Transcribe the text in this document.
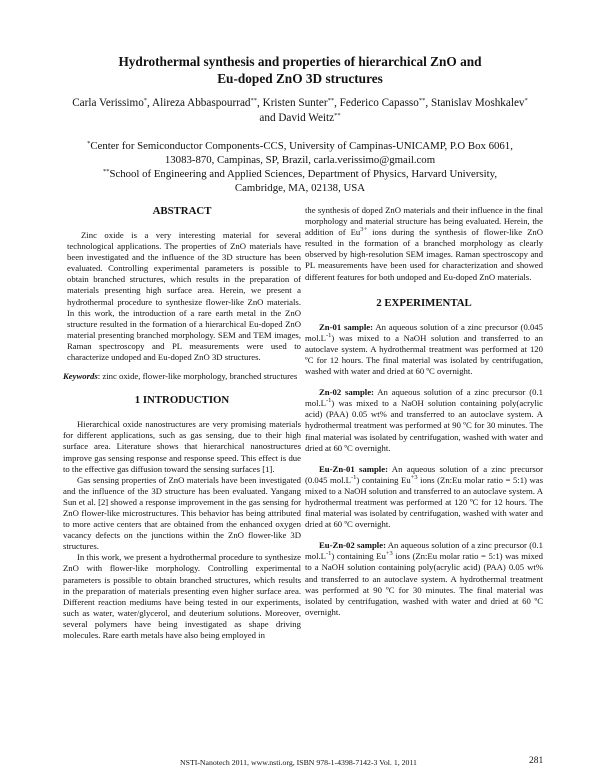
Hydrothermal synthesis and properties of hierarchical ZnO and
Eu-doped ZnO 3D structures
Carla Verissimo*, Alireza Abbaspourrad**, Kristen Sunter**, Federico Capasso**, Stanislav Moshkalev*
and David Weitz**
*Center for Semiconductor Components-CCS, University of Campinas-UNICAMP, P.O Box 6061,
13083-870, Campinas, SP, Brazil, carla.verissimo@gmail.com
**School of Engineering and Applied Sciences, Department of Physics, Harvard University,
Cambridge, MA, 02138, USA

ABSTRACT

Zinc oxide is a very interesting material for several technological applications. The properties of ZnO materials have been investigated and the influence of the 3D structure has been evaluated. Controlling experimental parameters is possible to obtain branched structures, which results in the preparation of materials presenting high surface area. Herein, we present a hydrothermal procedure to synthesize flower-like ZnO materials. In this work, the introduction of a rare earth metal in the ZnO structure resulted in the formation of a hierarchical Eu-doped ZnO material presenting branched morphology. SEM and TEM images, Raman spectroscopy and PL measurements were used to characterize undoped and Eu-doped ZnO 3D structures.

Keywords: zinc oxide, flower-like morphology, branched structures

1 INTRODUCTION

Hierarchical oxide nanostructures are very promising materials for different applications, such as gas sensing, due to their high surface area. Literature shows that hierarchical nanostructures improve gas sensing response and response speed. This effect is due to the effective gas diffusion toward the sensing surfaces [1].

Gas sensing properties of ZnO materials have been investigated and the influence of the 3D structure has been evaluated. Yangang Sun et al. [2] showed a response improvement in the gas sensing for ZnO flower-like microstructures. This behavior has being attributed to more active centers that are obtained from the enhanced oxygen vacancy defects on the junctions within the ZnO flower-like 3D structures.

In this work, we present a hydrothermal procedure to synthesize ZnO with flower-like morphology. Controlling experimental parameters is possible to obtain branched structures, which results in the preparation of materials presenting even higher surface area. Different reaction mediums have being tested in our experiments, such as water, water/glycerol, and deuterium solutions. Moreover, several polymers have being investigated as shape driving molecules. Rare earth metals have also being employed in

the synthesis of doped ZnO materials and their influence in the final morphology and material structure has being evaluated. Herein, the addition of $Eu^{3+}$ ions during the synthesis of flower-like ZnO resulted in the formation of a branched morphology as clearly observed by high-resolution SEM images. Raman spectroscopy and PL measurements have been used for characterization and showed different features for both undoped and Eu-doped ZnO materials.

2 EXPERIMENTAL

Zn-01 sample: An aqueous solution of a zinc precursor (0.045 $mol.L^{-1}$) was mixed to a NaOH solution and transferred to an autoclave system. A hydrothermal treatment was performed at 120 ºC for 12 hours. The final material was isolated by centrifugation, washed with water and dried at 60 ºC overnight.

Zn-02 sample: An aqueous solution of a zinc precursor (0.1 $mol.L^{-1}$) was mixed to a NaOH solution containing poly(acrylic acid) (PAA) 0.05 wt% and transferred to an autoclave system. A hydrothermal treatment was performed at 90 ºC for 30 minutes. The final material was isolated by centrifugation, washed with water and dried at 60 ºC overnight.

Eu-Zn-01 sample: An aqueous solution of a zinc precursor (0.045 $mol.L^{-1}$) containing $Eu^{+3}$ ions (Zn:Eu molar ratio = 5:1) was mixed to a NaOH solution and transferred to an autoclave system. A hydrothermal treatment was performed at 120 ºC for 12 hours. The final material was isolated by centrifugation, washed with water and dried at 60 ºC overnight.

Eu-Zn-02 sample: An aqueous solution of a zinc precursor (0.1 $mol.L^{-1}$) containing $Eu^{+3}$ ions (Zn:Eu molar ratio = 5:1) was mixed to a NaOH solution containing poly(acrylic acid) (PAA) 0.05 wt% and transferred to an autoclave system. A hydrothermal treatment was performed at 90 ºC for 30 minutes. The final material was isolated by centrifugation, washed with water and dried at 60 ºC overnight.

NSTI-Nanotech 2011, www.nsti.org, ISBN 978-1-4398-7142-3 Vol. 1, 2011	281
